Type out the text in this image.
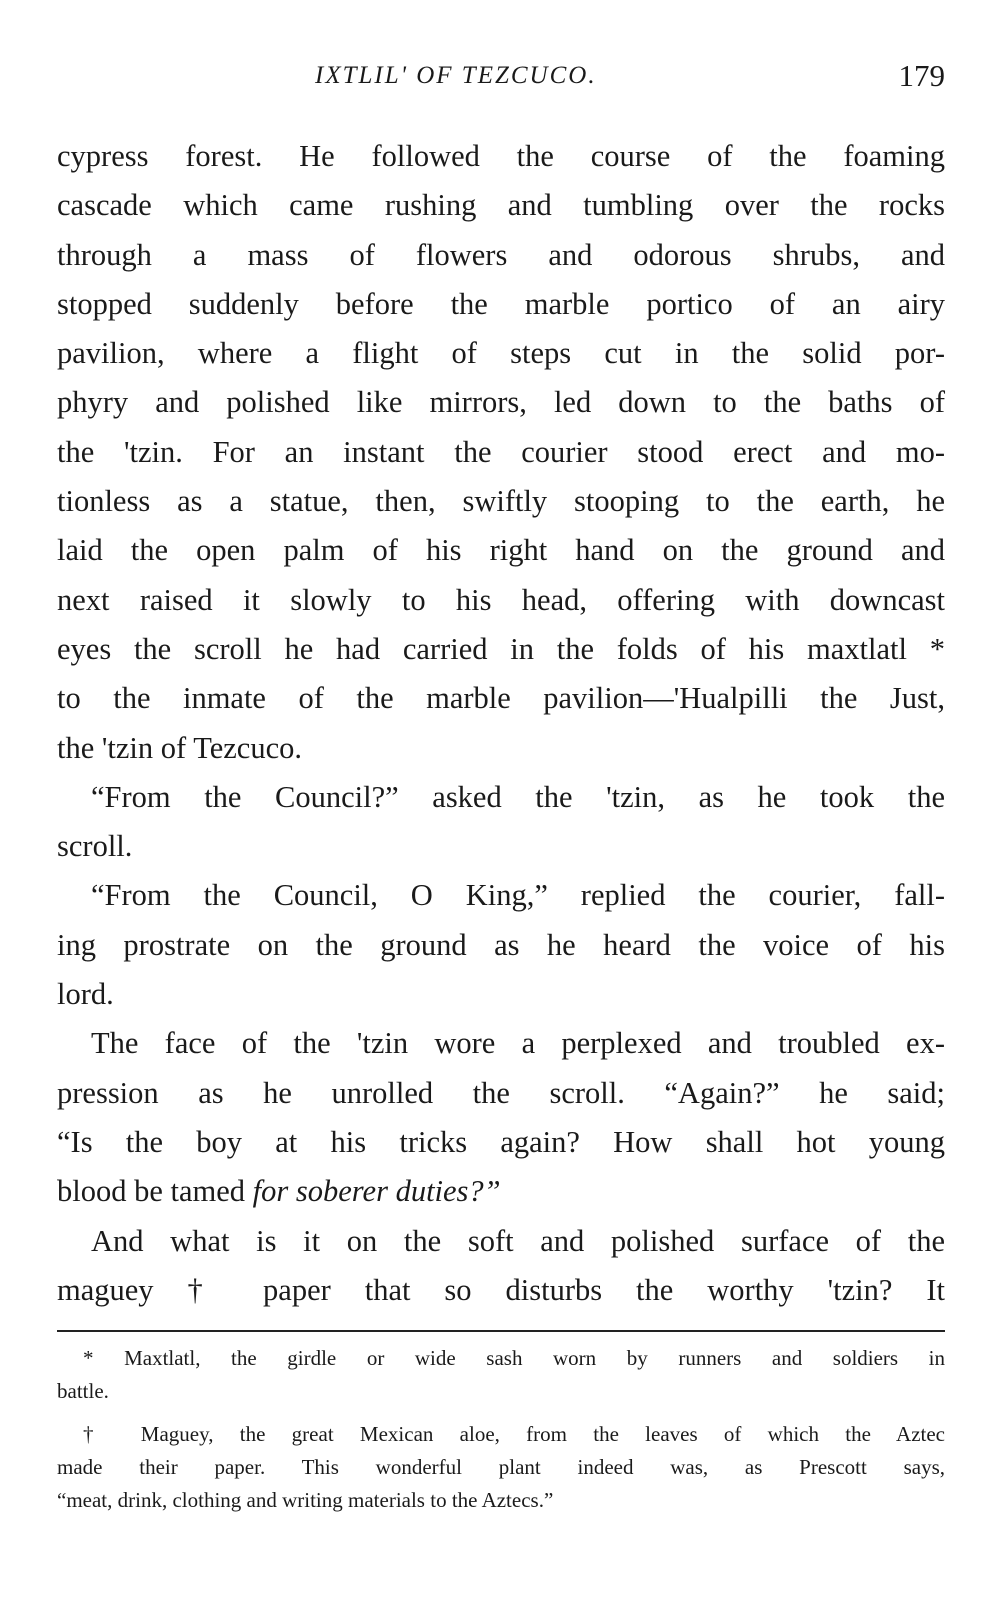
IXTLIL' OF TEZCUCO.	179
cypress forest. He followed the course of the foaming
cascade which came rushing and tumbling over the rocks
through a mass of flowers and odorous shrubs, and
stopped suddenly before the marble portico of an airy
pavilion, where a flight of steps cut in the solid por-
phyry and polished like mirrors, led down to the baths of
the 'tzin. For an instant the courier stood erect and mo-
tionless as a statue, then, swiftly stooping to the earth, he
laid the open palm of his right hand on the ground and
next raised it slowly to his head, offering with downcast
eyes the scroll he had carried in the folds of his maxtlatl *
to the inmate of the marble pavilion—'Hualpilli the Just,
the 'tzin of Tezcuco.
“From the Council?” asked the 'tzin, as he took the
scroll.
“From the Council, O King,” replied the courier, fall-
ing prostrate on the ground as he heard the voice of his
lord.
The face of the 'tzin wore a perplexed and troubled ex-
pression as he unrolled the scroll. “Again?” he said;
“Is the boy at his tricks again? How shall hot young
blood be tamed for soberer duties?”
And what is it on the soft and polished surface of the
maguey † paper that so disturbs the worthy 'tzin? It
* Maxtlatl, the girdle or wide sash worn by runners and soldiers in
battle.
† Maguey, the great Mexican aloe, from the leaves of which the Aztec
made their paper. This wonderful plant indeed was, as Prescott says,
“meat, drink, clothing and writing materials to the Aztecs.”
